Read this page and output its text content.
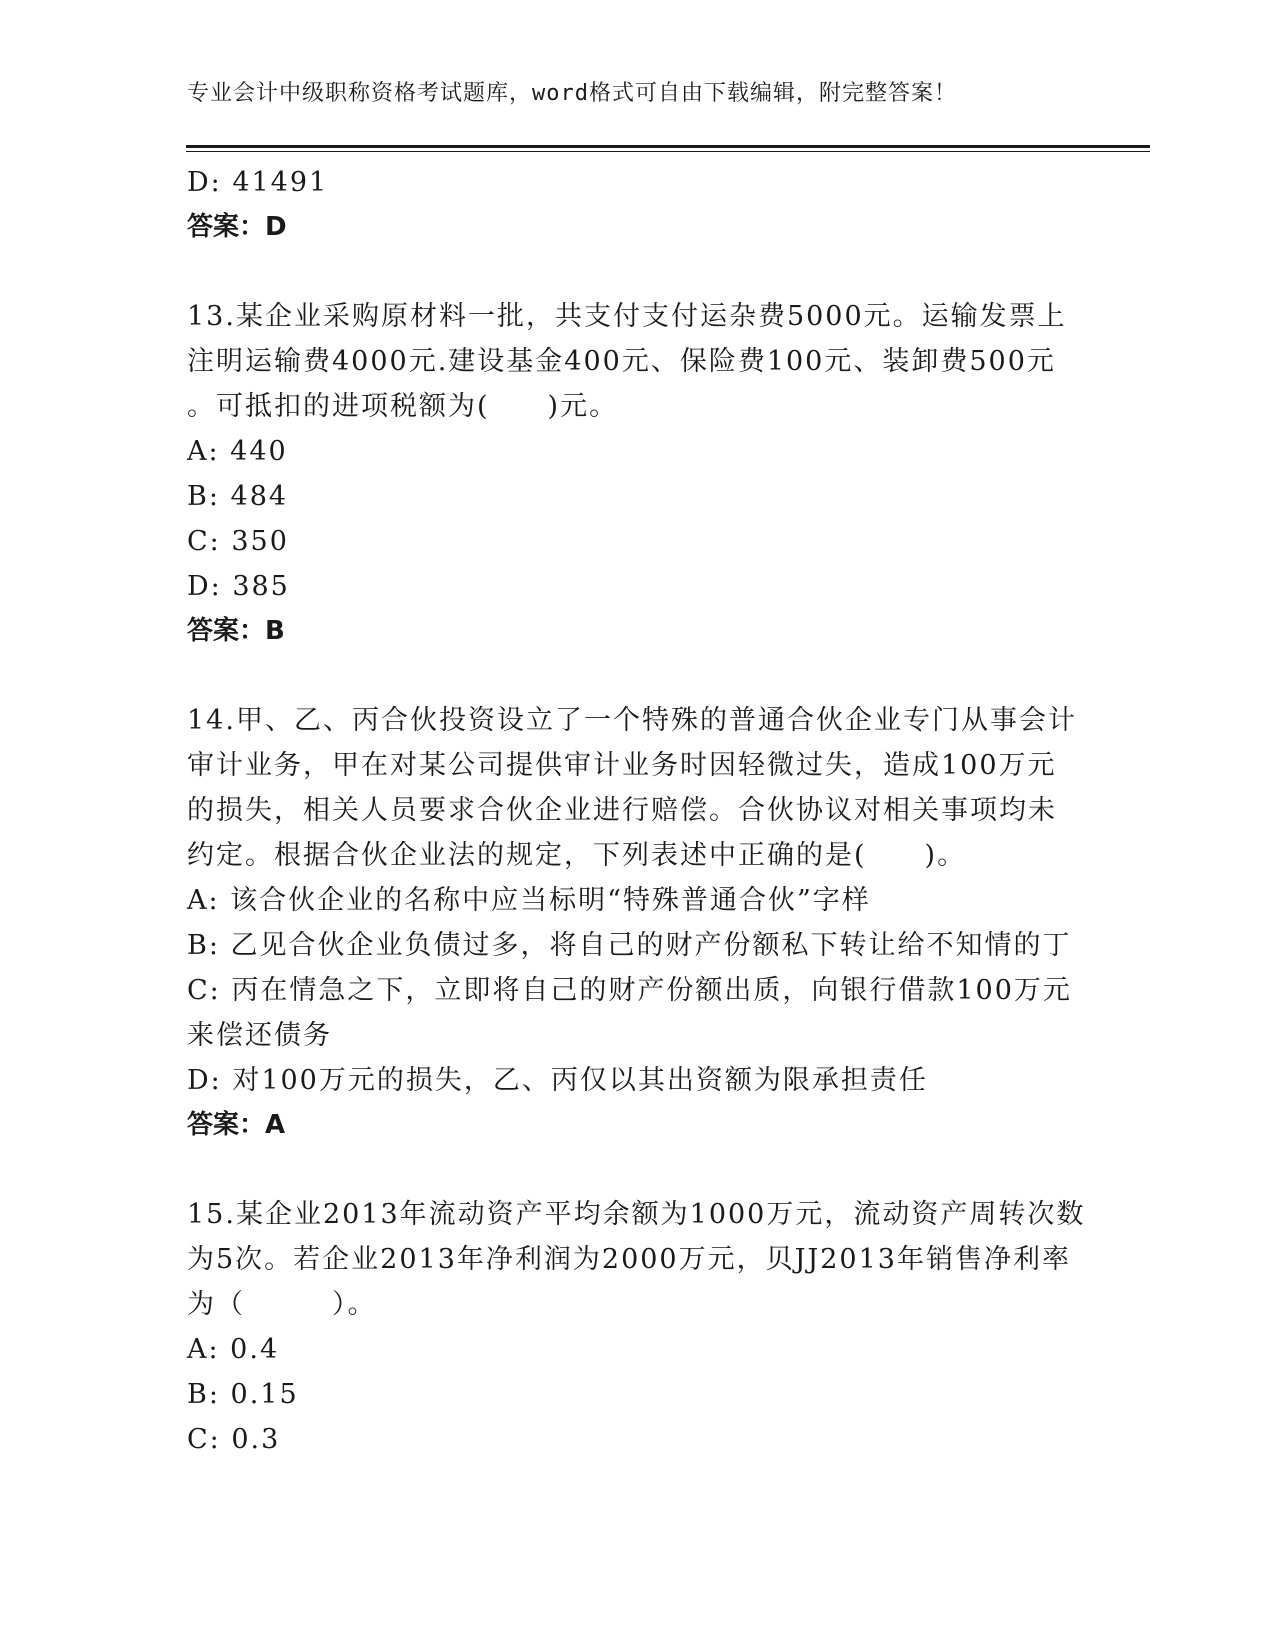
专业会计中级职称资格考试题库，word格式可自由下载编辑，附完整答案！
D: 41491
答案：D
13.某企业采购原材料一批，共支付支付运杂费5000元。运输发票上
注明运输费4000元.建设基金400元、保险费100元、装卸费500元
。可抵扣的进项税额为(　　)元。
A: 440
B: 484
C: 350
D: 385
答案：B
14.甲、乙、丙合伙投资设立了一个特殊的普通合伙企业专门从事会计
审计业务，甲在对某公司提供审计业务时因轻微过失，造成100万元
的损失，相关人员要求合伙企业进行赔偿。合伙协议对相关事项均未
约定。根据合伙企业法的规定，下列表述中正确的是(　　)。
A: 该合伙企业的名称中应当标明“特殊普通合伙”字样
B: 乙见合伙企业负债过多，将自己的财产份额私下转让给不知情的丁
C: 丙在情急之下，立即将自己的财产份额出质，向银行借款100万元
来偿还债务
D: 对100万元的损失，乙、丙仅以其出资额为限承担责任
答案：A
15.某企业2013年流动资产平均余额为1000万元，流动资产周转次数
为5次。若企业2013年净利润为2000万元，贝JJ2013年销售净利率
为（　　　）。
A: 0.4
B: 0.15
C: 0.3
